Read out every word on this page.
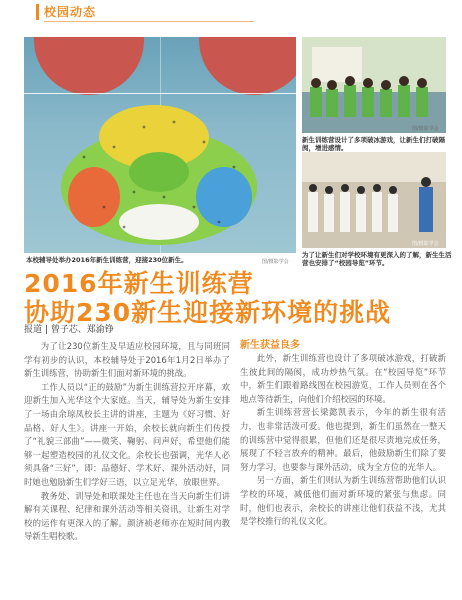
校园动态
本校辅导处举办2016年新生训练营，迎接230位新生。	图/摄影学会
图/摄影学会
新生训练营设计了多项破冰游戏，让新生们打破隔阂，增进感情。
图/摄影学会
为了让新生们对学校环境有更深入的了解，新生生活营也安排了“校园导览”环节。
2016年新生训练营
协助230新生迎接新环境的挑战
报道 | 曾子芯、郑渝铮

为了让230位新生及早适应校园环境，且与同班同学有初步的认识，本校辅导处于2016年1月2日举办了新生训练营，协助新生们面对新环境的挑战。

工作人员以“正的鼓励”为新生训练营拉开序幕，欢迎新生加入光华这个大家庭。当天，辅导处为新生安排了一场由余琼凤校长主讲的讲座，主题为《好习惯、好品格、好人生》。讲座一开始，余校长就向新生们传授了“礼貌三部曲”——微笑、鞠躬、问声好，希望他们能够一起塑造校园的礼仪文化。余校长也强调，光华人必须具备“三好”，即：品德好、学术好、课外活动好，同时她也勉励新生们学好三语，以立足光华，放眼世界。

教务处、训导处和联课处主任也在当天向新生们讲解有关课程、纪律和课外活动等相关资讯，让新生对学校的运作有更深入的了解。颜济祯老师亦在短时间内教导新生唱校歌。

新生获益良多

此外，新生训练营也设计了多项破冰游戏，打破新生彼此间的隔阂，成功炒热气氛。在“校园导览”环节中，新生们跟着路线图在校园游览，工作人员则在各个地点等待新生，向他们介绍校园的环境。

新生训练营营长梁懿凯表示，今年的新生很有活力，也非常活泼可爱。他也提到，新生们虽然在一整天的训练营中觉得很累，但他们还是很尽责地完成任务，展现了不轻言放弃的精神。最后，他鼓励新生们除了要努力学习，也要参与课外活动，成为全方位的光华人。

另一方面，新生们则认为新生训练营帮助他们认识学校的环境，减低他们面对新环境的紧张与焦虑。同时，他们也表示，余校长的讲座让他们获益不浅，尤其是学校推行的礼仪文化。
